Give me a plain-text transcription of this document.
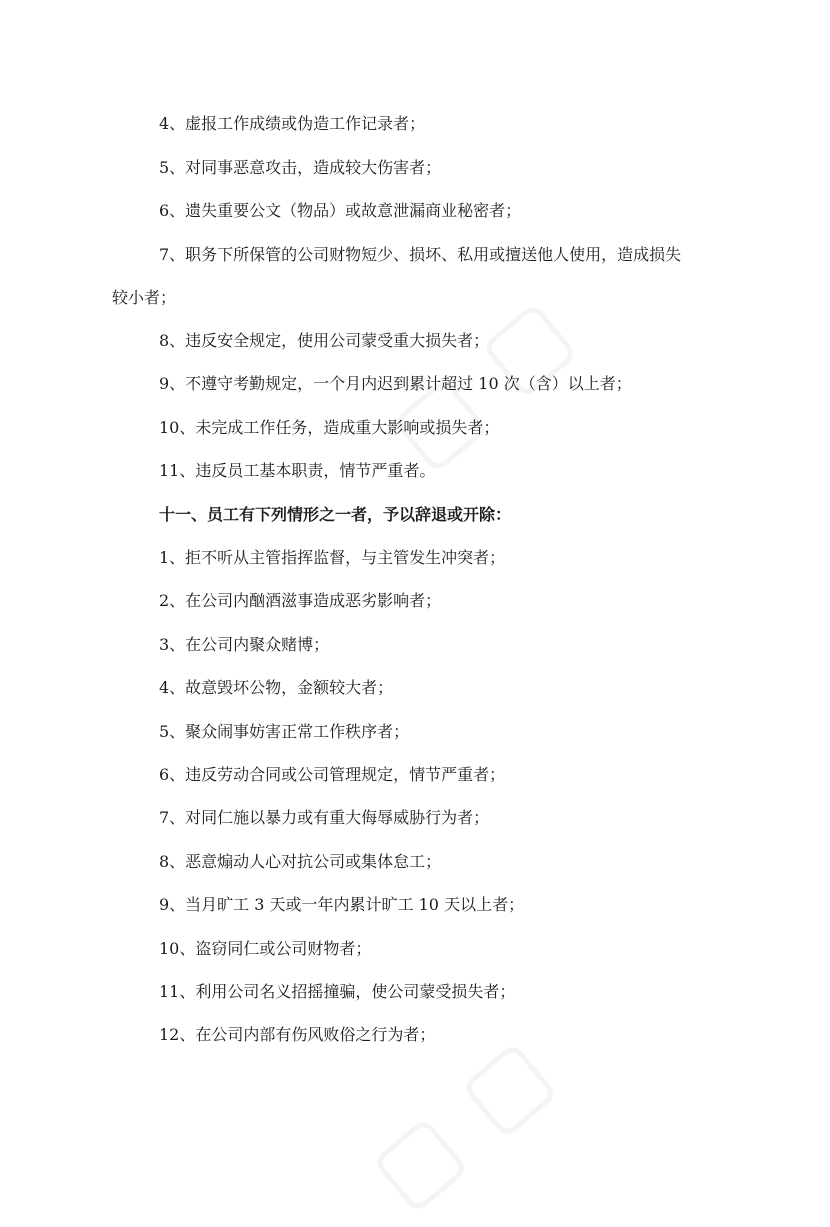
4、虚报工作成绩或伪造工作记录者；
5、对同事恶意攻击，造成较大伤害者；
6、遗失重要公文（物品）或故意泄漏商业秘密者；
7、职务下所保管的公司财物短少、损坏、私用或擅送他人使用，造成损失
较小者；
8、违反安全规定，使用公司蒙受重大损失者；
9、不遵守考勤规定，一个月内迟到累计超过 10 次（含）以上者；
10、未完成工作任务，造成重大影响或损失者；
11、违反员工基本职责，情节严重者。
十一、员工有下列情形之一者，予以辞退或开除：
1、拒不听从主管指挥监督，与主管发生冲突者；
2、在公司内酗酒滋事造成恶劣影响者；
3、在公司内聚众赌博；
4、故意毁坏公物，金额较大者；
5、聚众闹事妨害正常工作秩序者；
6、违反劳动合同或公司管理规定，情节严重者；
7、对同仁施以暴力或有重大侮辱威胁行为者；
8、恶意煽动人心对抗公司或集体怠工；
9、当月旷工 3 天或一年内累计旷工 10 天以上者；
10、盗窃同仁或公司财物者；
11、利用公司名义招摇撞骗，使公司蒙受损失者；
12、在公司内部有伤风败俗之行为者；
